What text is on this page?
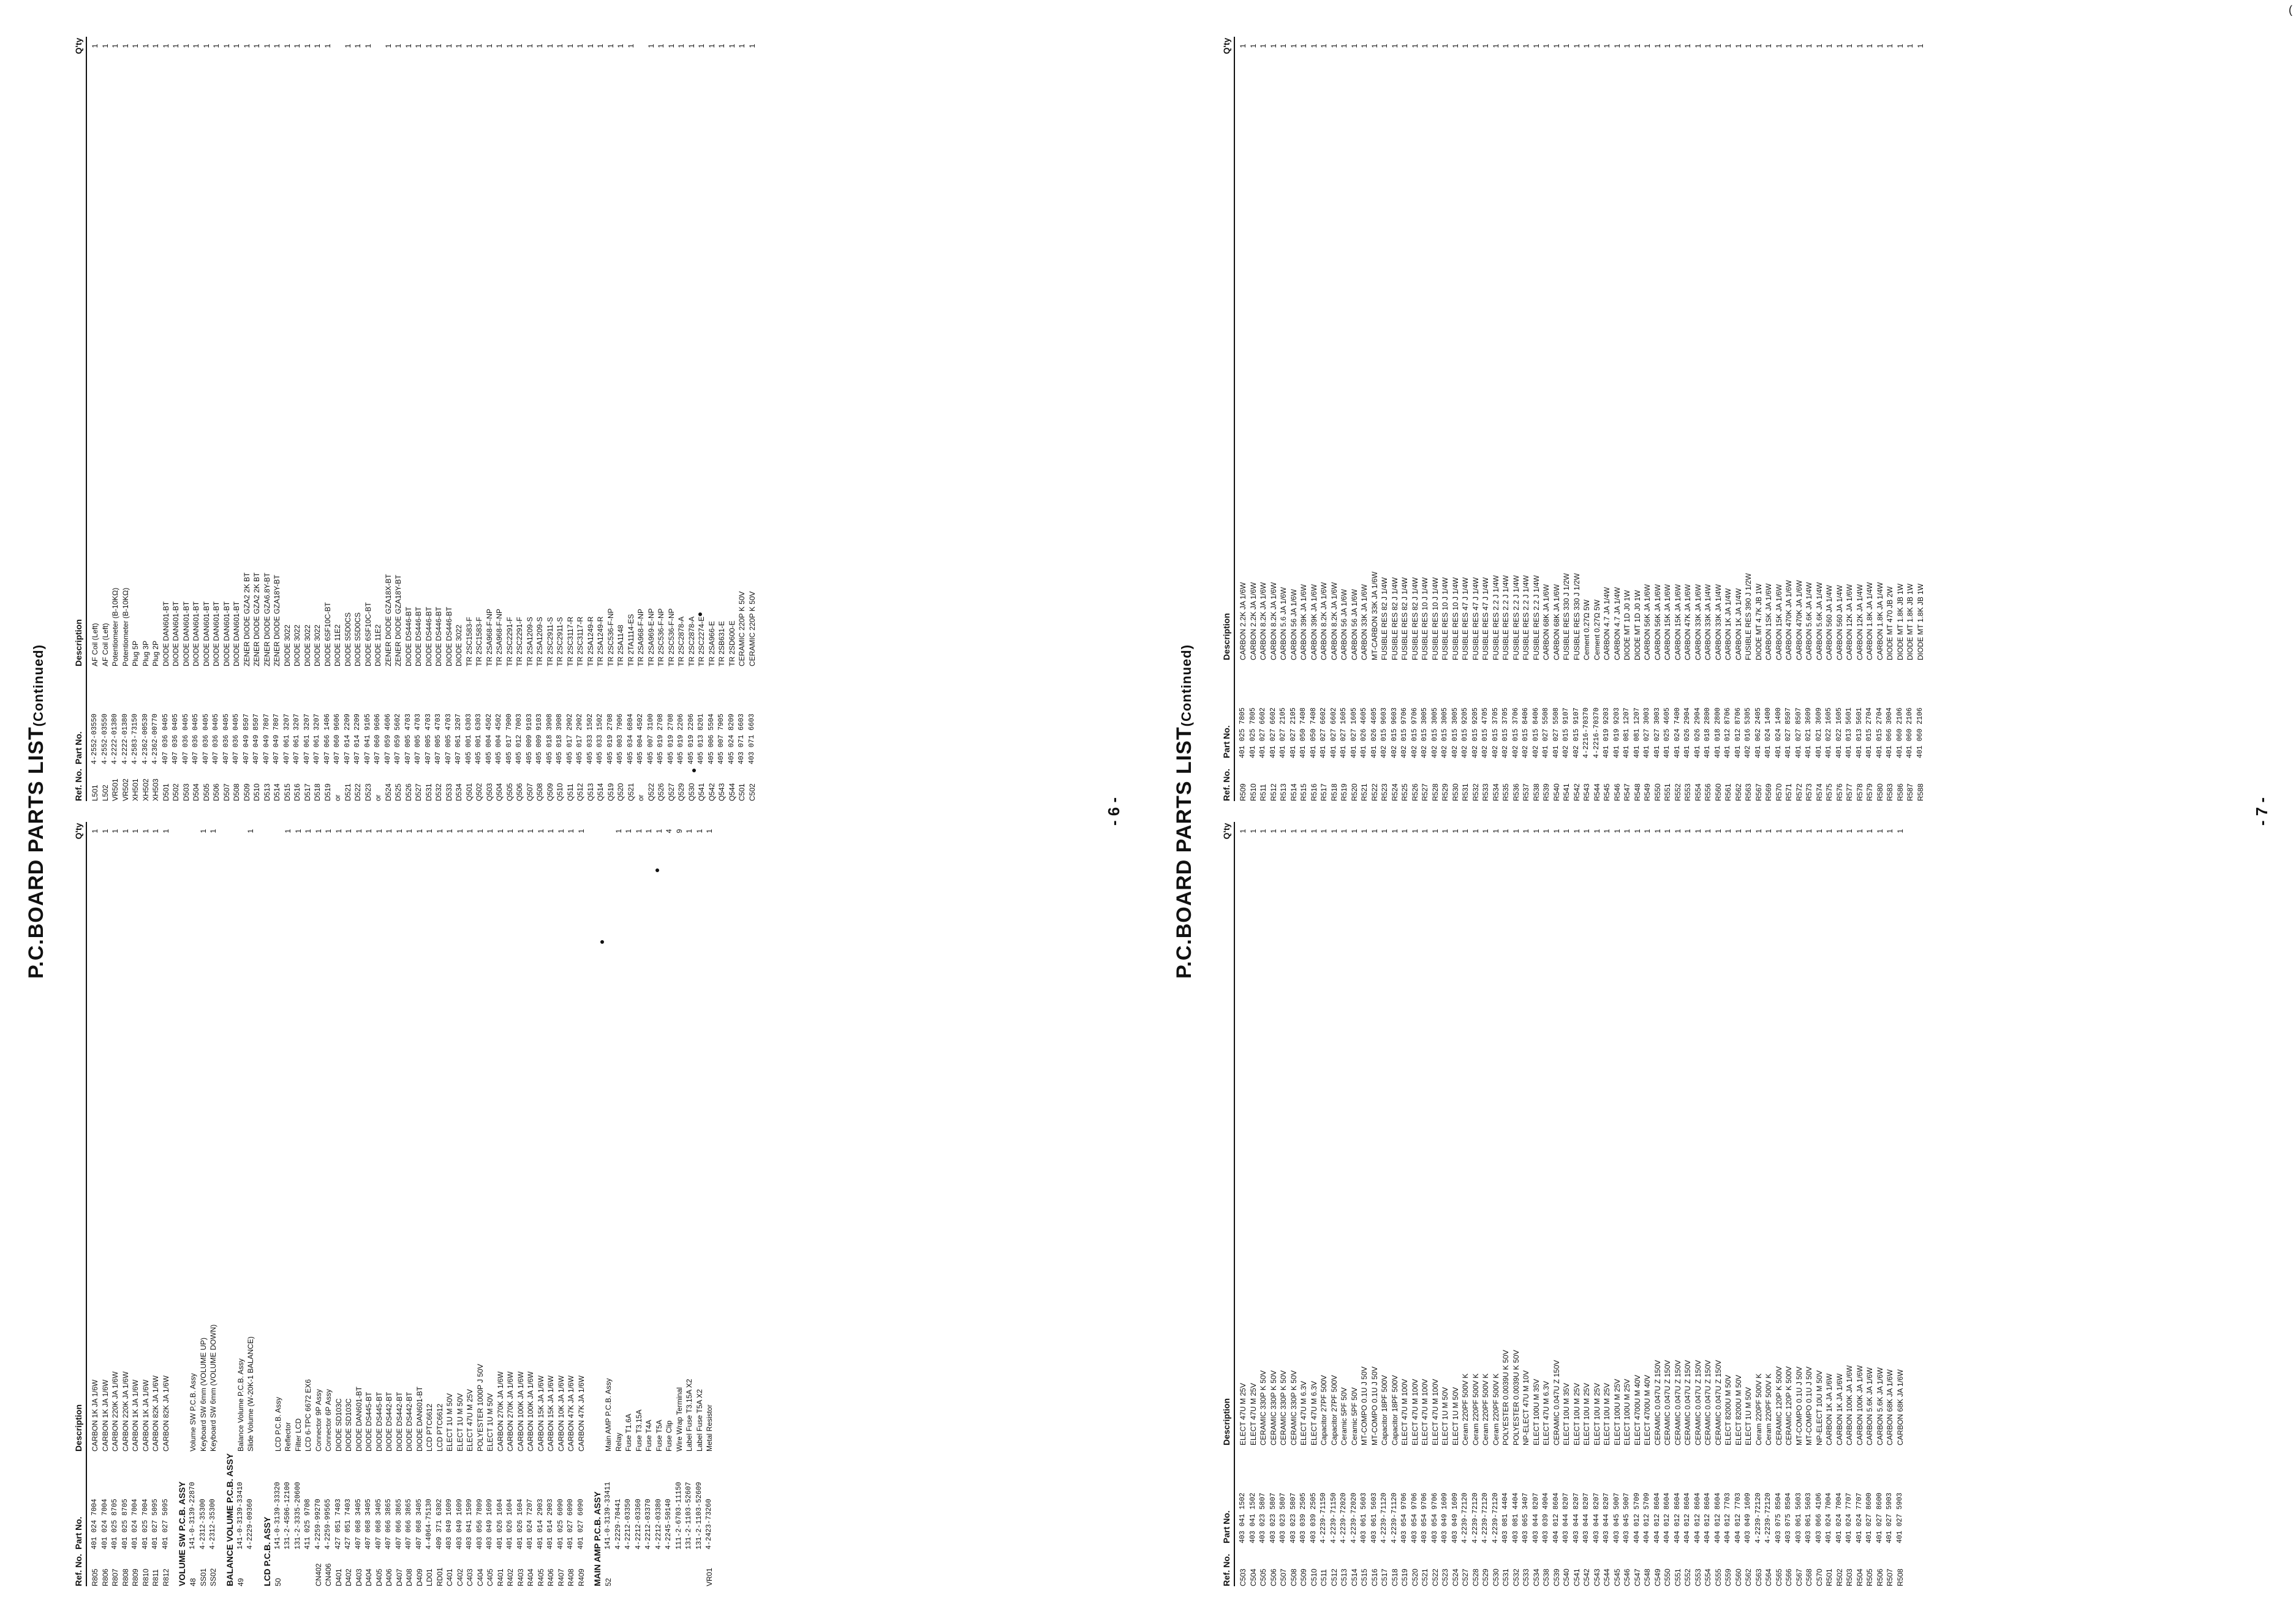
P.C.BOARD PARTS LIST(Continued)
Ref. No.
Part No.
Description
Q'ty
R805
401 024 7004
CARBON 1K JA 1/6W
1
R806
401 024 7004
CARBON 1K JA 1/6W
1
R807
401 025 8705
CARBON 220K JA 1/6W
1
R808
401 025 8705
CARBON 220K JA 1/6W
1
R809
401 024 7004
CARBON 1K JA 1/6W
1
R810
401 025 7004
CARBON 1K JA 1/6W
1
R811
401 027 5095
CARBON 82K JA 1/6W
1
R812
401 027 5095
CARBON 82K JA 1/6W
1
VOLUME SW P.C.B. ASSY 48
141-0-3139-22870
Volume SW P.C.B. Assy
SS01
4-2312-35300
Keyboard SW 6mm (VOLUME UP)
1
SS02
4-2312-35300
Keyboard SW 6mm (VOLUME DOWN)
1
BALANCE VOLUME P.C.B. ASSY 49
141-0-3139-33410
Balance Volume P.C.B. Assy
4-2229-09360
Slide Volume (W-20K-1 BALANCE)
1
LCD P.C.B. ASSY 50
141-0-3139-33320
LCD P.C.B. Assy
131-2-4506-12100
Reflector
1
131-2-3335-20600
Filter LCD
1
411 025 9708
LCD 6-TPC 6672 EX6
1
CN402
4-2259-99270
Connector 9P Assy
1
CN406
4-2259-99565
Connector 6P Assy
1
D401
427 051 7403
DIODE SD103C
1
D402
427 051 7403
DIODE SD103C
1
D403
407 068 3405
DIODE DAN601-BT
1
D404
407 068 3405
DIODE DS445-BT
1
D405
407 068 3405
DIODE DS445-BT
1
D406
407 066 3865
DIODE DS442-BT
1
D407
407 066 3865
DIODE DS442-BT
1
D408
407 066 3865
DIODE DS442-BT
1
D409
407 068 3405
DIODE DAN601-BT
1
LD01
4-4064-75130
LCD PTC6612
1
RD01
409 371 6302
LCD PTC6612
1
C401
403 049 1609
ELECT 1U M 50V
1
C402
403 049 1609
ELECT 1U M 50V
1
C403
403 041 1509
ELECT 47U M 25V
1
C404
403 056 7809
POLYESTER 1000P J 50V
1
C405
403 049 1609
ELECT 1U M 50V
1
R401
401 026 1604
CARBON 270K JA 1/6W
1
R402
401 026 1604
CARBON 270K JA 1/6W
1
R403
401 026 1604
CARBON 100K JA 1/6W
1
R404
401 024 7207
CARBON 100K JA 1/6W
1
R405
401 014 2903
CARBON 15K JA 1/6W
1
R406
401 014 2903
CARBON 15K JA 1/6W
1
R407
401 025 6090
CARBON 10K JA 1/6W
1
R408
401 027 6090
CARBON 47K JA 1/6W
1
R409
401 027 6090
CARBON 47K JA 1/6W
1
MAIN AMP P.C.B. ASSY 52
141-0-3139-33411
Main AMP P.C.B. Assy
4-2229-70441
Relay
1
4-2212-03350
Fuse T1.6A
1
4-2212-03360
Fuse T3.15A
1
4-2212-03370
Fuse T4A
1
4-2212-03380
Fuse T5A
1
4-2245-50140
Fuse Clip
4
111-2-6703-11150
Wire Wrap Terminal
9
131-2-1103-52607
Label Fuse T3.15A X2
1
131-2-1103-52609
Label Fuse T5A X2
1
VR01
4-2423-73260
Metal Resistor
1
Ref. No.
Part No.
Description
Q'ty
L501
4-2552-03550
AF Coil (Left)
1
L502
4-2552-03550
AF Coil (Left)
1
VR501
4-2222-01380
Potentiometer (B-10KΩ)
1
VR502
4-2222-01380
Potentiometer (B-10KΩ)
1
XH501
4-2583-73150
Plug 5P
1
XH502
4-2362-00530
Plug 3P
1
XH503
4-2362-00770
Plug 2P
1
D501
407 036 0405
DIODE DAN601-BT
1
D502
407 036 0405
DIODE DAN601-BT
1
D503
407 036 0405
DIODE DAN601-BT
1
D504
407 036 0405
DIODE DAN601-BT
1
D505
407 036 0405
DIODE DAN601-BT
1
D506
407 036 0405
DIODE DAN601-BT
1
D507
407 036 0405
DIODE DAN601-BT
1
D508
407 036 0405
DIODE DAN601-BT
1
D509
407 049 8507
ZENER DIODE GZA2 2K BT
1
D510
407 049 8507
ZENER DIODE GZA2 2K BT
1
D513
407 049 7807
ZENER DIODE GZA6.8Y-BT
1
D514
407 049 7807
ZENER DIODE GZA18Y-BT
1
D515
407 061 3207
DIODE 3022
1
D516
407 061 3207
DIODE 3022
1
D517
407 061 3207
DIODE 3022
1
D518
407 061 3207
DIODE 3022
1
D519
407 066 1406
DIODE 6SF10C-BT
1
or
407 060 9606
DIODE 11E2
D521
407 014 2209
DIODE S5D0CS
1
D522
407 014 2209
DIODE S5D0CS
1
D523
407 041 9105
DIODE 6SF10C-BT
1
or
407 060 9606
DIODE 11E2
D524
407 059 4606
ZENER DIODE GZA18X-BT
1
D525
407 059 5602
ZENER DIODE GZA18Y-BT
1
D526
407 005 4703
DIODE DS446-BT
1
D527
407 005 4703
DIODE DS446-BT
1
D531
407 005 4703
DIODE DS446-BT
1
D532
407 005 4703
DIODE DS446-BT
1
D533
407 005 4703
DIODE DS446-BT
1
D534
407 061 3207
DIODE 3022
1
Q501
405 001 6303
TR 2SC1583-F
1
Q502
405 001 6303
TR 2SC1583-F
1
Q503
405 004 4502
TR 2SA968-F-NP
1
Q504
405 004 4502
TR 2SA968-F-NP
1
Q505
405 017 7900
TR 2SC2291-F
1
Q506
405 012 7003
TR 2SC2291-F
1
Q507
405 009 9103
TR 2SA1209-S
1
Q508
405 009 9103
TR 2SA1209-S
1
Q509
405 018 3908
TR 2SC2911-S
1
Q510
405 018 3908
TR 2SC2911-S
1
Q511
405 017 2902
TR 2SC3117-R
1
Q512
405 017 2902
TR 2SC3117-R
1
Q513
405 033 1502
TR 2SA1249-R
1
Q514
405 033 1502
TR 2SA1249-R
1
Q519
405 019 2708
TR 2SC536-F-NP
1
Q520
405 003 7906
TR 2SA1148
1
Q521
405 034 6804
TR 2TA1114-ES
1
or
405 004 4502
TR 2SA968-F-NP
Q522
405 007 3100
TR 2SA969-E-NP
1
Q526
405 019 2708
TR 2SC536-F-NP
1
Q527
405 019 2708
TR 2SC536-F-NP
1
Q529
405 019 2206
TR 2SC2878-A
1
Q530
405 019 2206
TR 2SC2878-A
1
Q541
405 013 8201
TR 2SC2274-E
1
Q542
405 006 5504
TR 2SA966-E
1
Q543
405 007 7905
TR 2SB631-E
1
Q544
405 024 8209
TR 2SD600-E
1
C501
403 071 6603
CERAMIC 220P K 50V
1
C502
403 071 6603
CERAMIC 220P K 50V
1
- 6 - P.C.BOARD PARTS LIST(Continued)
Ref. No.
Part No.
Description
Q'ty
C503
403 041 1502
ELECT 47U M 25V
1
C504
403 041 1502
ELECT 47U M 25V
1
C505
403 023 5807
CERAMIC 330P K 50V
1
C506
403 023 5807
CERAMIC 330P K 50V
1
C507
403 023 5807
CERAMIC 330P K 50V
1
C508
403 023 5807
CERAMIC 330P K 50V
1
C509
403 039 2505
ELECT 47U M 6.3V
1
C510
403 039 2505
ELECT 47U M 6.3V
1
C511
4-2239-71150
Capacitor 27PF 500V
1
C512
4-2239-71150
Capacitor 27PF 500V
1
C513
4-2239-72020
Ceramic 5PF 50V
1
C514
4-2239-72020
Ceramic 5PF 50V
1
C515
403 061 5603
MT-COMPO 0.1U J 50V
1
C516
403 061 5603
MT-COMPO 0.1U J 50V
1
C517
4-2239-71120
Capacitor 18PF 500V
1
C518
4-2239-71120
Capacitor 18PF 500V
1
C519
403 054 9706
ELECT 47U M 100V
1
C520
403 054 9706
ELECT 47U M 100V
1
C521
403 054 9706
ELECT 47U M 100V
1
C522
403 054 9706
ELECT 47U M 100V
1
C523
403 049 1609
ELECT 1U M 50V
1
C524
403 049 1609
ELECT 1U M 50V
1
C527
4-2239-72120
Ceram 220PF 500V K
1
C528
4-2239-72120
Ceram 220PF 500V K
1
C529
4-2239-72120
Ceram 220PF 500V K
1
C530
4-2239-72120
Ceram 220PF 500V K
1
C531
403 081 4404
POLYESTER 0.0039U K 50V
1
C532
403 081 4404
POLYESTER 0.0039U K 50V
1
C533
403 065 3407
NP-ELECT 47U M 10V
1
C534
403 044 8207
ELECT 100U M 35V
1
C538
403 039 4904
ELECT 47U M 6.3V
1
C539
404 012 8604
CERAMIC 0.047U Z 150V
1
C540
403 044 8207
ELECT 10U M 35V
1
C541
403 044 8207
ELECT 10U M 25V
1
C542
403 044 8207
ELECT 10U M 25V
1
C543
403 044 8207
ELECT 10U M 25V
1
C544
403 044 8207
ELECT 10U M 25V
1
C545
403 045 5007
ELECT 100U M 25V
1
C546
403 045 5007
ELECT 100U M 25V
1
C547
404 012 5709
ELECT 4700U M 40V
1
C548
404 012 5709
ELECT 4700U M 40V
1
C549
404 012 8604
CERAMIC 0.047U Z 150V
1
C550
404 012 8604
CERAMIC 0.047U Z 150V
1
C551
404 012 8604
CERAMIC 0.047U Z 150V
1
C552
404 012 8604
CERAMIC 0.047U Z 150V
1
C553
404 012 8604
CERAMIC 0.047U Z 150V
1
C554
404 012 8604
CERAMIC 0.047U Z 150V
1
C555
404 012 8604
CERAMIC 0.047U Z 150V
1
C559
404 012 7703
ELECT 8200U M 50V
1
C560
404 012 7703
ELECT 8200U M 50V
1
C562
403 049 1609
ELECT 1U M 50V
1
C563
4-2239-72120
Ceram 220PF 500V K
1
C564
4-2239-72120
Ceram 220PF 500V K
1
C565
403 075 8504
CERAMIC 120P K 500V
1
C566
403 075 8504
CERAMIC 120P K 500V
1
C567
403 061 5603
MT-COMPO 0.1U J 50V
1
C568
403 061 5603
MT-COMPO 0.1U J 50V
1
C570
403 066 4106
NP-ELECT 10U M 50V
1
R501
401 024 7004
CARBON 1K JA 1/6W
1
R502
401 024 7004
CARBON 1K JA 1/6W
1
R503
401 024 7707
CARBON 100K JA 1/6W
1
R504
401 024 7707
CARBON 100K JA 1/6W
1
R505
401 027 8600
CARBON 5.6K JA 1/6W
1
R506
401 027 8600
CARBON 5.6K JA 1/6W
1
R507
401 027 5903
CARBON 68K JA 1/6W
1
R508
401 027 5903
CARBON 68K JA 1/6W
1
Ref. No.
Part No.
Description
Q'ty
R509
401 025 7805
CARBON 2.2K JA 1/6W
1
R510
401 025 7805
CARBON 2.2K JA 1/6W
1
R511
401 027 6602
CARBON 8.2K JA 1/6W
1
R512
401 027 6602
CARBON 8.2K JA 1/6W
1
R513
401 027 2105
CARBON 5.6 JA 1/6W
1
R514
401 027 2105
CARBON 56 JA 1/6W
1
R515
401 050 7408
CARBON 39K JA 1/6W
1
R516
401 050 7408
CARBON 39K JA 1/6W
1
R517
401 027 6602
CARBON 8.2K JA 1/6W
1
R518
401 027 6602
CARBON 8.2K JA 1/6W
1
R519
401 027 1605
CARBON 56 JA 1/6W
1
R520
401 027 1605
CARBON 56 JA 1/6W
1
R521
401 026 4605
CARBON 33K JA 1/6W
1
R522
401 026 4605
MT-CARBON 33K JA 1/6W
1
R523
402 015 9603
FUSIBLE RES 82 J 1/4W
1
R524
402 015 9603
FUSIBLE RES 82 J 1/4W
1
R525
402 015 9706
FUSIBLE RES 82 J 1/4W
1
R526
402 015 9706
FUSIBLE RES 82 J 1/4W
1
R527
402 015 3005
FUSIBLE RES 10 J 1/4W
1
R528
402 015 3005
FUSIBLE RES 10 J 1/4W
1
R529
402 015 3005
FUSIBLE RES 10 J 1/4W
1
R530
402 015 3005
FUSIBLE RES 10 J 1/4W
1
R531
402 015 9205
FUSIBLE RES 47 J 1/4W
1
R532
402 015 9205
FUSIBLE RES 47 J 1/4W
1
R533
402 015 4705
FUSIBLE RES 47 J 1/4W
1
R534
402 015 3705
FUSIBLE RES 2.2 J 1/4W
1
R535
402 015 3705
FUSIBLE RES 2.2 J 1/4W
1
R536
402 015 3706
FUSIBLE RES 2.2 J 1/4W
1
R537
402 015 8406
FUSIBLE RES 2.2 J 1/4W
1
R538
402 015 8406
FUSIBLE RES 2.2 J 1/4W
1
R539
401 027 5508
CARBON 68K JA 1/6W
1
R540
401 027 5508
CARBON 68K JA 1/6W
1
R541
402 015 9107
FUSIBLE RES 330 J 1/2W
1
R542
402 015 9107
FUSIBLE RES 330 J 1/2W
1
R543
4-2216-70370
Cement 0.27Ω 5W
1
R544
4-2216-70370
Cement 0.27Ω 5W
1
R545
401 019 9203
CARBON 4.7 JA 1/4W
1
R546
401 019 9203
CARBON 4.7 JA 1/4W
1
R547
401 081 1207
DIODE MT 1D J0 1W
1
R548
401 081 1207
DIODE MT 1D J0 1W
1
R549
401 027 3003
CARBON 56K JA 1/6W
1
R550
401 027 3003
CARBON 56K JA 1/6W
1
R551
401 025 4605
CARBON 15K JA 1/6W
1
R552
401 024 7400
CARBON 15K JA 1/6W
1
R553
401 026 2904
CARBON 47K JA 1/6W
1
R554
401 026 2904
CARBON 33K JA 1/6W
1
R556
401 018 2800
CARBON 33K JA 1/4W
1
R560
401 018 2800
CARBON 33K JA 1/4W
1
R561
401 012 8706
CARBON 1K JA 1/4W
1
R562
401 012 8706
CARBON 1K JA 1/4W
1
R563
402 016 5305
FUSIBLE RES 390 J 1/2W
1
R567
401 062 2405
DIODE MT 4.7K JB 1W
1
R569
401 024 1400
CARBON 1SK JA 1/6W
1
R570
401 024 1400
CARBON 15K JA 1/6W
1
R571
401 027 8507
CARBON 470K JA 1/6W
1
R572
401 027 8507
CARBON 470K JA 1/6W
1
R573
401 021 3609
CARBON 5.6K JA 1/4W
1
R574
401 021 3609
CARBON 5.6K JA 1/4W
1
R575
401 022 1605
CARBON 560 JA 1/4W
1
R576
401 022 1605
CARBON 560 JA 1/4W
1
R577
401 013 5601
CARBON 12K JA 1/6W
1
R578
401 013 5601
CARBON 12K JA 1/4W
1
R579
401 015 2704
CARBON 1.8K JA 1/4W
1
R580
401 015 2704
CARBON 1.8K JA 1/4W
1
R583
401 066 3004
DIODE MT 470 JB 2W
1
R586
401 060 2106
DIODE MT 1.8K JB 1W
1
R587
401 060 2106
DIODE MT 1.8K JB 1W
1
R588
401 060 2106
DIODE MT 1.8K JB 1W
1
- 7 -
(
